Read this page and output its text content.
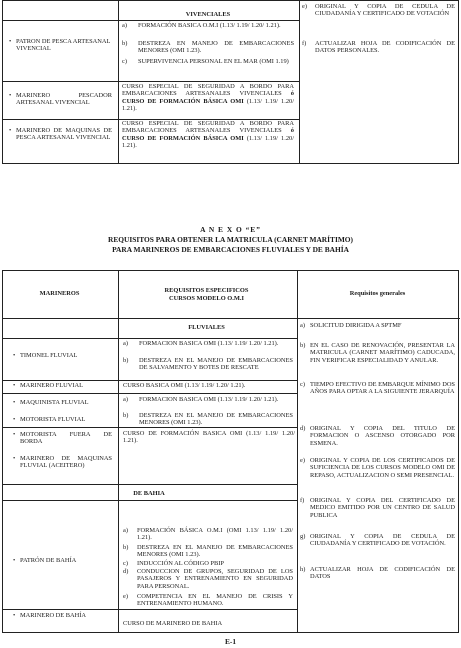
VIVENCIALES
• PATRON DE PESCA ARTESANAL VIVENCIAL
a) FORMACIÓN BASICA O.M.I (1.13/ 1.19/ 1.20/ 1.21).
b) DESTREZA EN MANEJO DE EMBARCACIONES MENORES (OMI 1.23).
c) SUPERVIVENCIA PERSONAL EN EL MAR (OMI 1.19)
• MARINERO PESCADOR ARTESANAL VIVENCIAL
CURSO ESPECIAL DE SEGURIDAD A BORDO PARA EMBARCACIONES ARTESANALES VIVENCIALES ó CURSO DE FORMACIÓN BÁSICA OMI (1.13/ 1.19/ 1.20/ 1.21).
• MARINERO DE MAQUINAS DE PESCA ARTESANAL VIVENCIAL
CURSO ESPECIAL DE SEGURIDAD A BORDO PARA EMBARCACIONES ARTESANALES VIVENCIALES ó CURSO DE FORMACIÓN BÁSICA OMI (1.13/ 1.19/ 1.20/ 1.21).
e) ORIGINAL Y COPIA DE CEDULA DE CIUDADANÍA Y CERTIFICADO DE VOTACIÓN
f) ACTUALIZAR HOJA DE CODIFICACIÓN DE DATOS PERSONALES.
A N E X O “E”
REQUISITOS PARA OBTENER LA MATRICULA (CARNET MARÍTIMO)
PARA MARINEROS DE EMBARCACIONES FLUVIALES Y DE BAHÍA
MARINEROS	REQUISITOS ESPECIFICOS
CURSOS MODELO O.M.I
Requisitos generales
FLUVIALES
• TIMONEL FLUVIAL
a) FORMACION BASICA OMI (1.13/ 1.19/ 1.20/ 1.21).
b) DESTREZA EN EL MANEJO DE EMBARCACIONES DE SALVAMENTO Y BOTES DE RESCATE
• MARINERO FLUVIAL	CURSO BASICA OMI (1.13/ 1.19/ 1.20/ 1.21).
• MAQUINISTA FLUVIAL
• MOTORISTA FLUVIAL
a) FORMACION BASICA OMI (1.13/ 1.19/ 1.20/ 1.21).
b) DESTREZA EN EL MANEJO DE EMBARCACIONES MENORES (OMI 1.23).
• MOTORISTA FUERA DE BORDA
• MARINERO DE MAQUINAS FLUVIAL (ACEITERO)
CURSO DE FORMACIÓN BASICA OMI (1.13/ 1.19/ 1.20/ 1.21).
DE BAHIA
• PATRÓN DE BAHÍA
a) FORMACIÓN BÁSICA O.M.I (OMI 1.13/ 1.19/ 1.20/ 1.21).
b) DESTREZA EN EL MANEJO DE EMBARCACIONES MENORES (OMI 1.23).
c) INDUCCIÓN AL CÓDIGO PBIP
d) CONDUCCION DE GRUPOS, SEGURIDAD DE LOS PASAJEROS Y ENTRENAMIENTO EN SEGURIDAD PARA PERSONAL.
e) COMPETENCIA EN EL MANEJO DE CRISIS Y ENTRENAMIENTO HUMANO.
• MARINERO DE BAHÍA
CURSO DE MARINERO DE BAHIA
a) SOLICITUD DIRIGIDA A SPTMF
b) EN EL CASO DE RENOVACIÓN, PRESENTAR LA MATRICULA (CARNET MARÍTIMO) CADUCADA, FIN VERIFICAR ESPECIALIDAD Y ANULAR.
c) TIEMPO EFECTIVO DE EMBARQUE MÍNIMO DOS AÑOS PARA OPTAR A LA SIGUIENTE JERARQUÍA
d) ORIGINAL Y COPIA DEL TITULO DE FORMACION O ASCENSO OTORGADO POR ESMENA.
e) ORIGINAL Y COPIA DE LOS CERTIFICADOS DE SUFICIENCIA DE LOS CURSOS MODELO OMI DE REPASO, ACTUALIZACION O SEMI PRESENCIAL.
f) ORIGINAL Y COPIA DEL CERTIFICADO DE MEDICO EMITIDO POR UN CENTRO DE SALUD PUBLICA
g) ORIGINAL Y COPIA DE CEDULA DE CIUDADANÍA Y CERTIFICADO DE VOTACIÓN.
h) ACTUALIZAR HOJA DE CODIFICACIÓN DE DATOS
E-1
